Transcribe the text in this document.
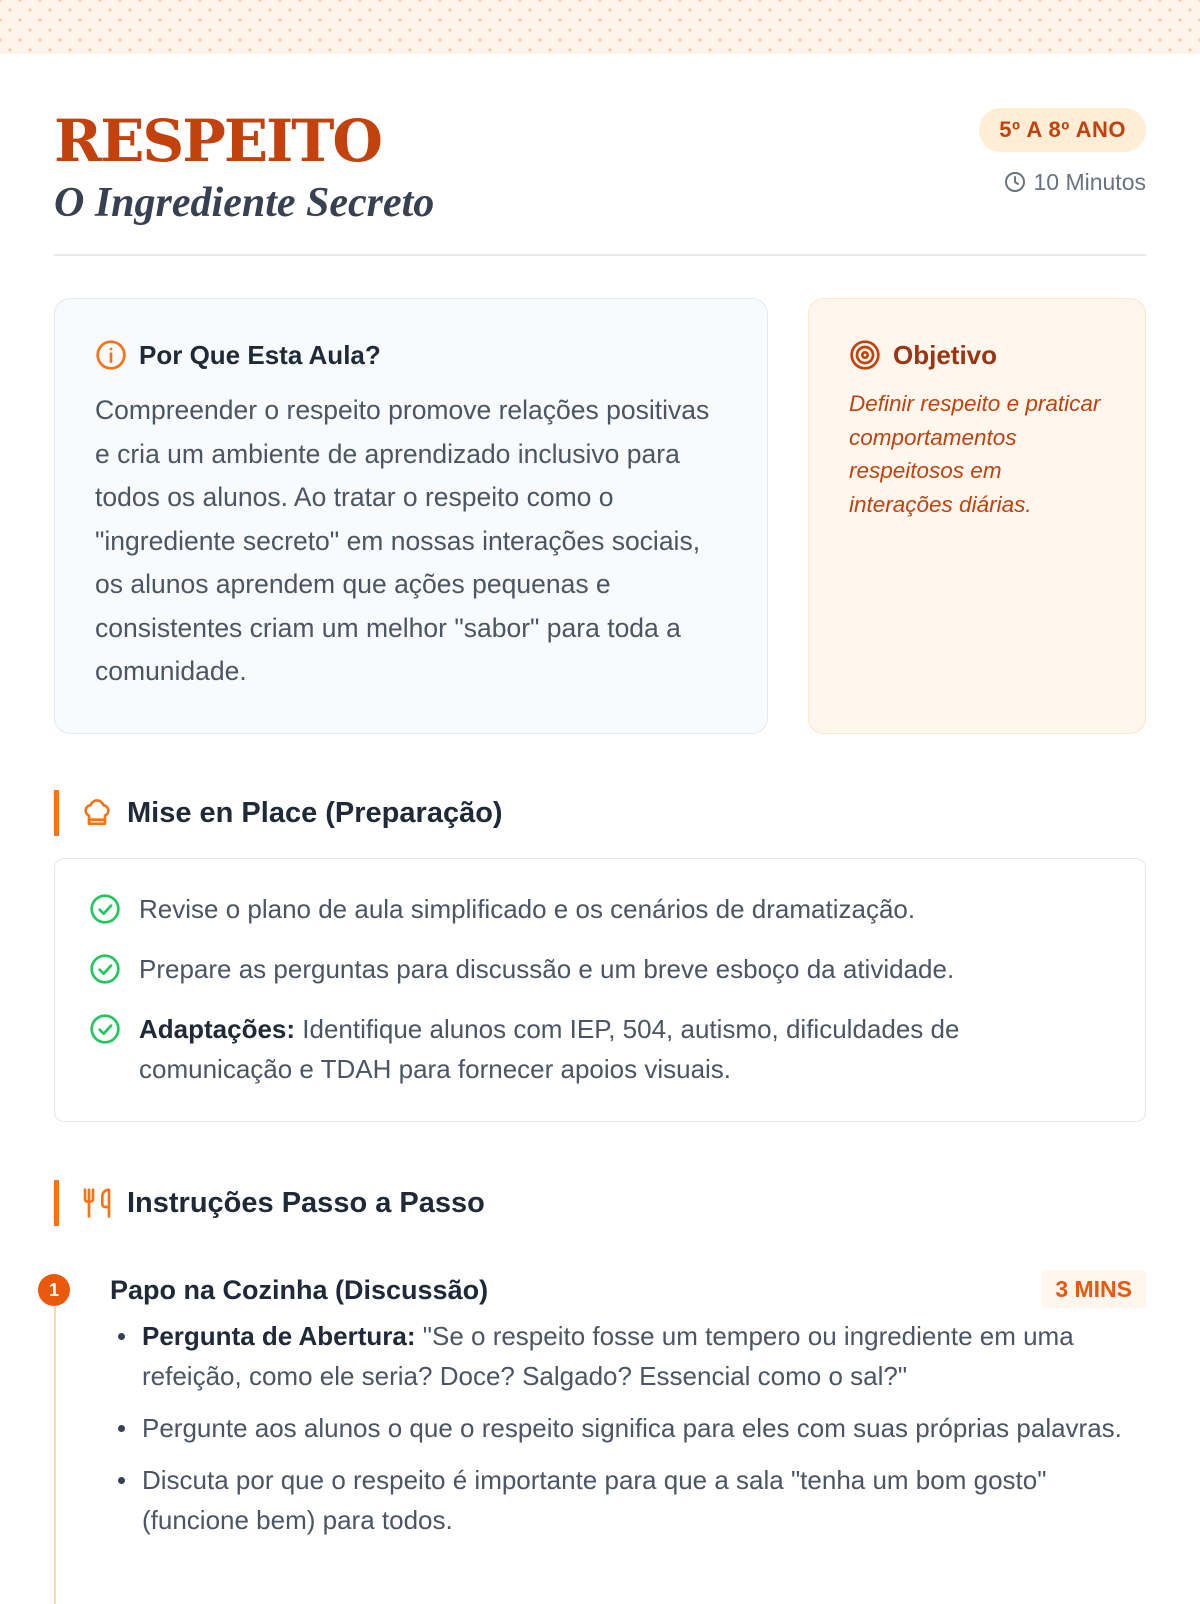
RESPEITO
O Ingrediente Secreto
5º A 8º ANO
10 Minutos
Por Que Esta Aula?

Compreender o respeito promove relações positivas e cria um ambiente de aprendizado inclusivo para todos os alunos. Ao tratar o respeito como o "ingrediente secreto" em nossas interações sociais, os alunos aprendem que ações pequenas e consistentes criam um melhor "sabor" para toda a comunidade.

Objetivo

Definir respeito e praticar comportamentos respeitosos em interações diárias.

Mise en Place (Preparação)
Revise o plano de aula simplificado e os cenários de dramatização.
Prepare as perguntas para discussão e um breve esboço da atividade.
Adaptações: Identifique alunos com IEP, 504, autismo, dificuldades de comunicação e TDAH para fornecer apoios visuais.
Instruções Passo a Passo
1	Papo na Cozinha (Discussão)	3 MINS
Pergunta de Abertura: "Se o respeito fosse um tempero ou ingrediente em uma refeição, como ele seria? Doce? Salgado? Essencial como o sal?"
Pergunte aos alunos o que o respeito significa para eles com suas próprias palavras.
Discuta por que o respeito é importante para que a sala "tenha um bom gosto" (funcione bem) para todos.
